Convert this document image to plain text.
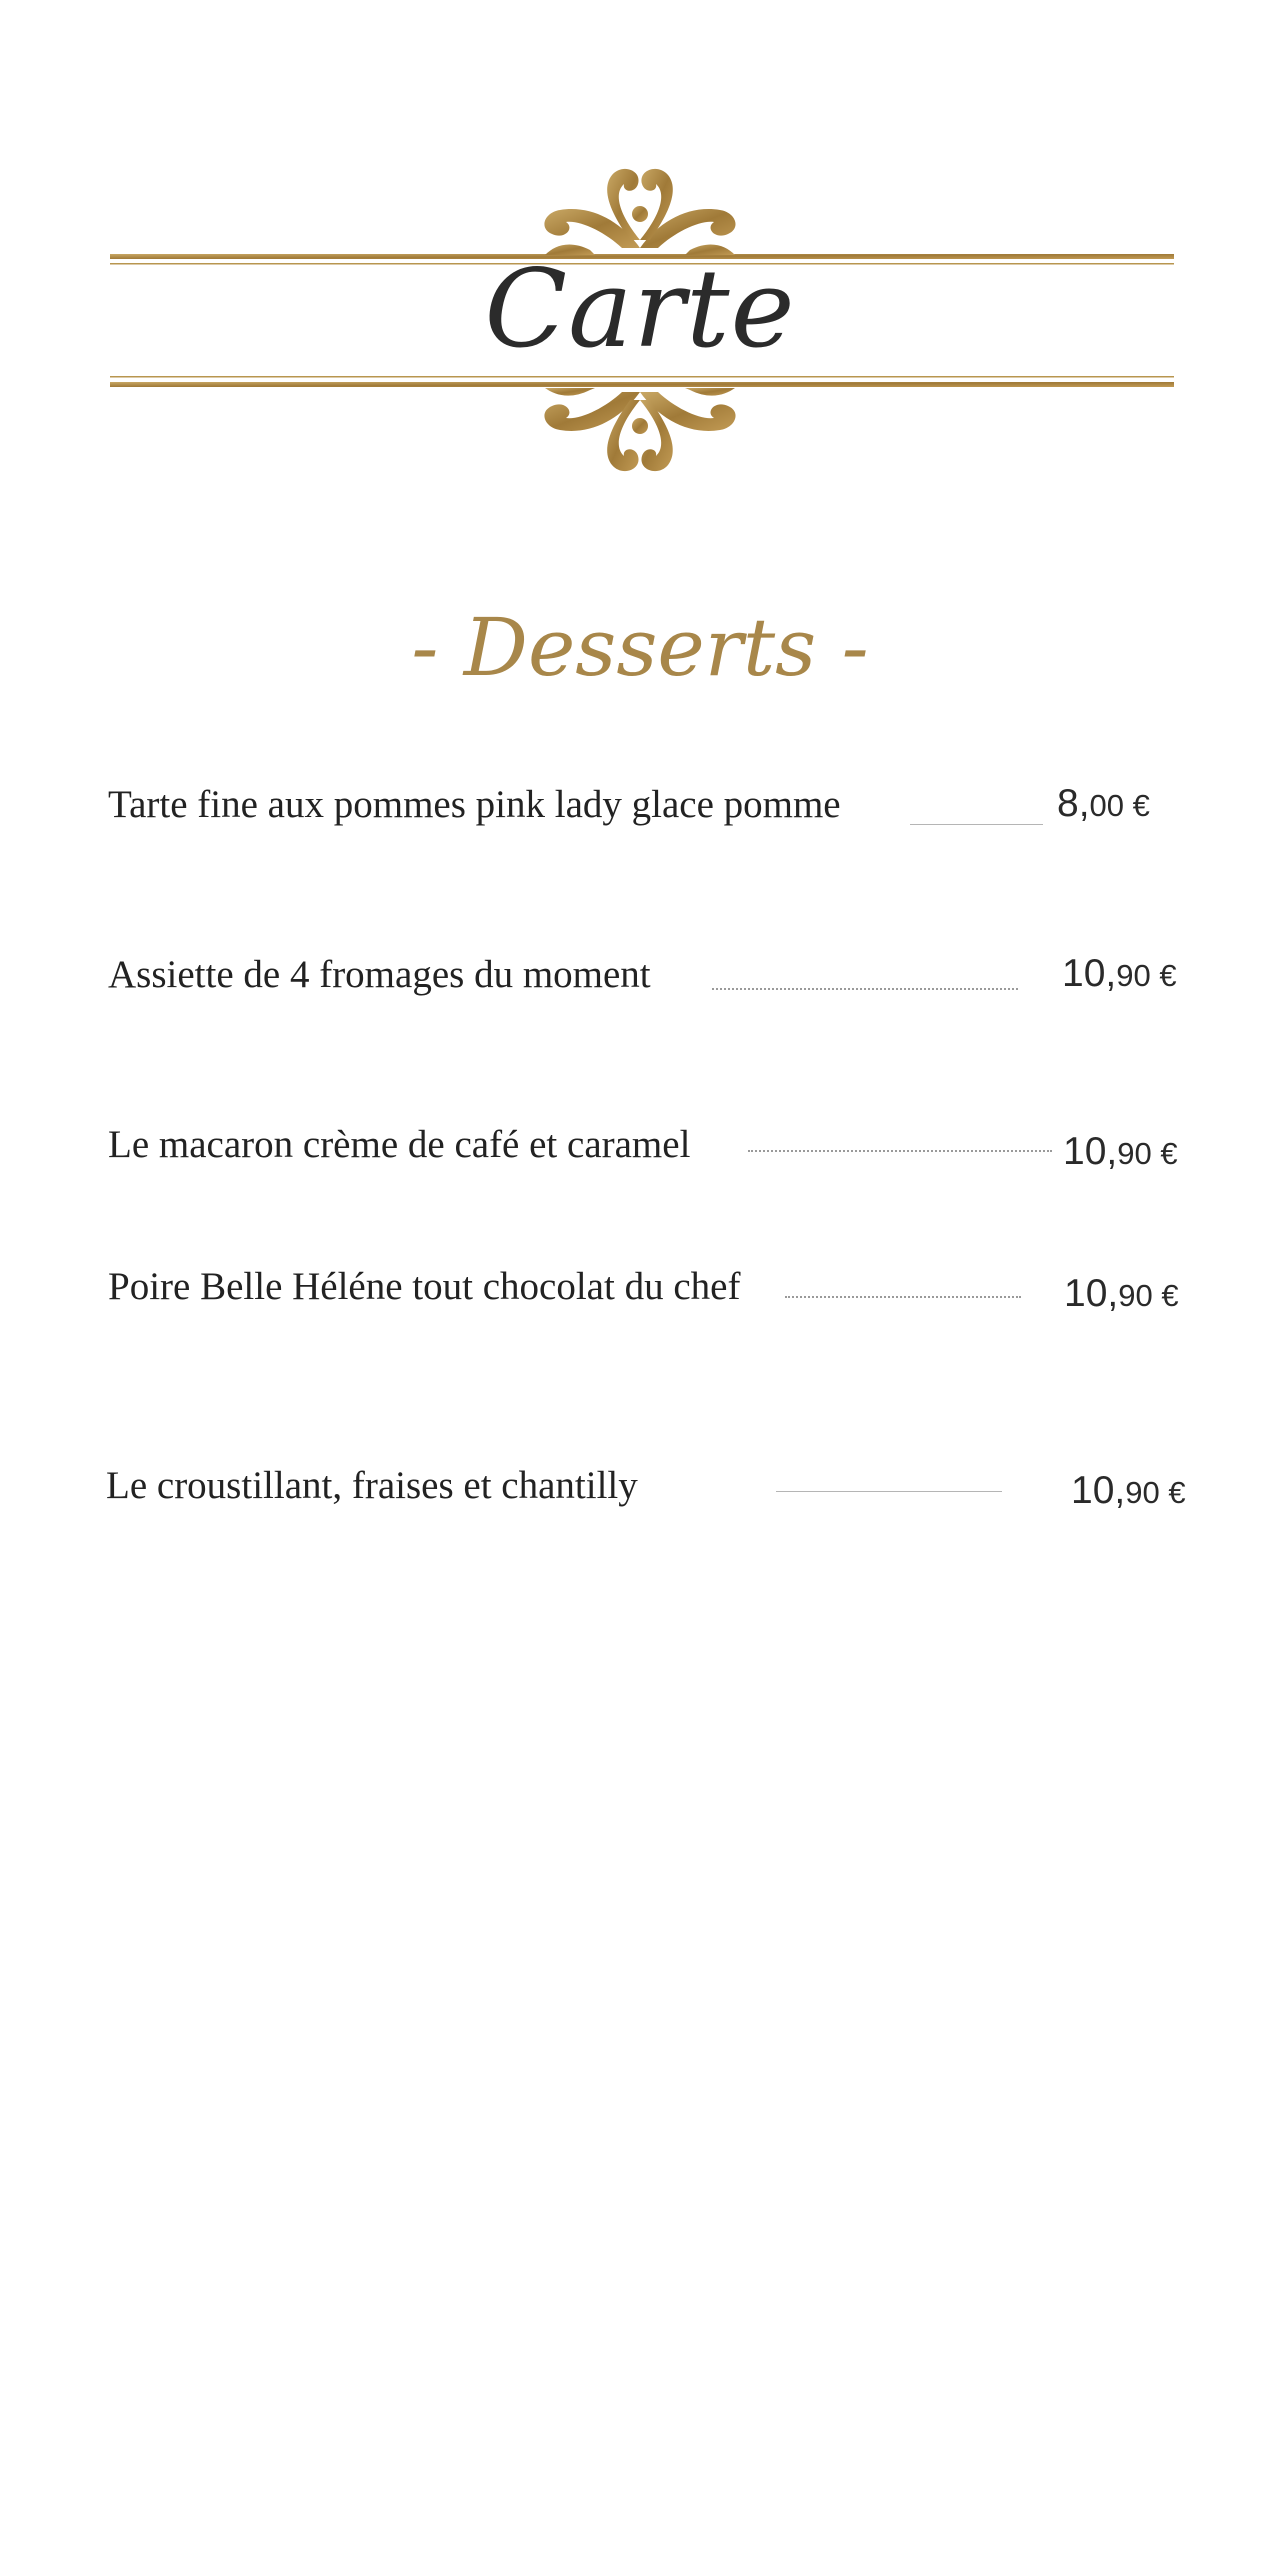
Carte
- Desserts -
Tarte fine aux pommes pink lady glace pomme	8,00 €
Assiette de 4 fromages du moment	10,90 €
Le macaron crème de café et caramel	10,90 €
Poire Belle Héléne tout chocolat du chef	10,90 €
Le croustillant, fraises et chantilly	10,90 €
